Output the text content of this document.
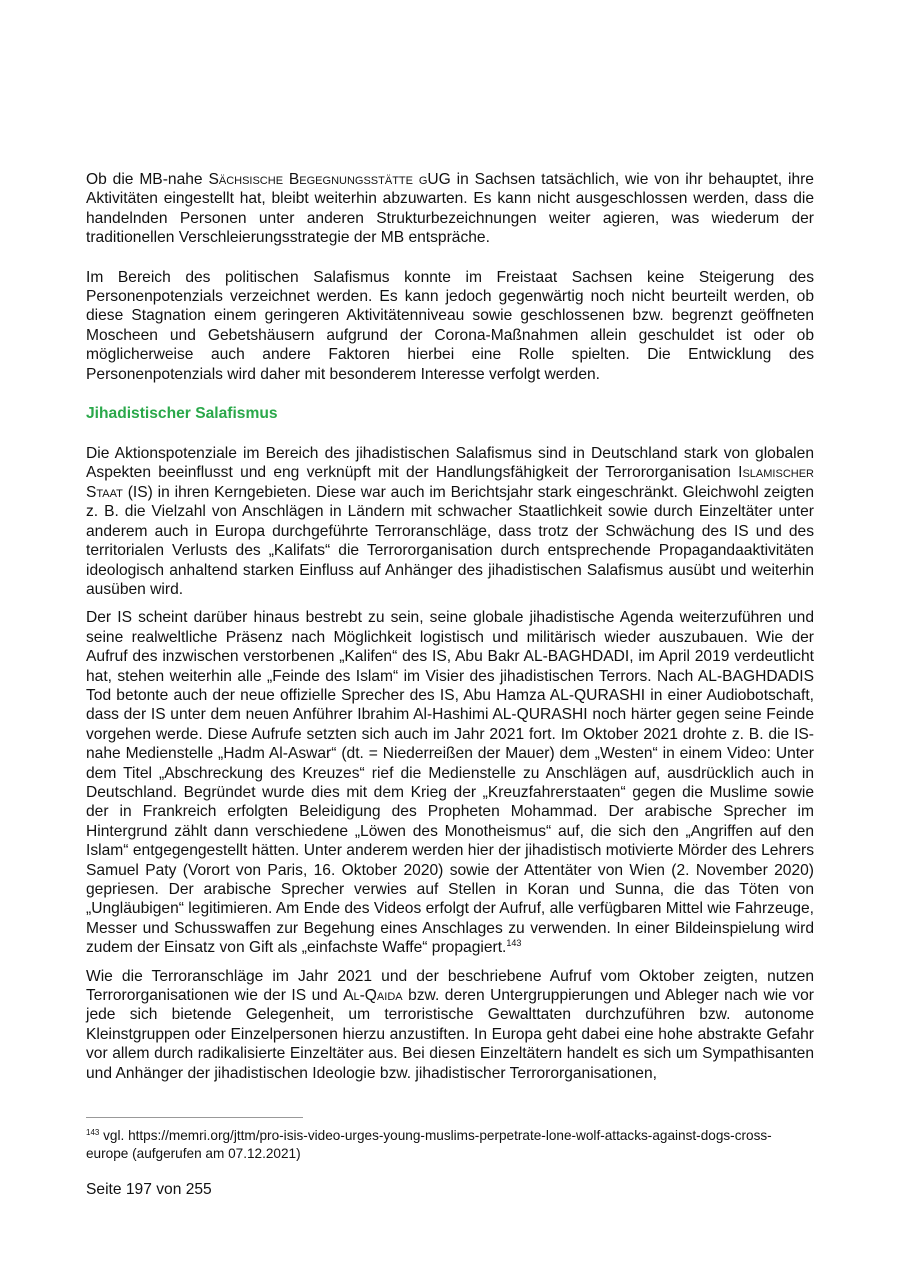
Ob die MB-nahe Sächsische Begegnungsstätte gUG in Sachsen tatsächlich, wie von ihr behauptet, ihre Aktivitäten eingestellt hat, bleibt weiterhin abzuwarten. Es kann nicht ausgeschlossen werden, dass die handelnden Personen unter anderen Strukturbezeichnungen weiter agieren, was wiederum der traditionellen Verschleierungsstrategie der MB entspräche.

Im Bereich des politischen Salafismus konnte im Freistaat Sachsen keine Steigerung des Personenpotenzials verzeichnet werden. Es kann jedoch gegenwärtig noch nicht beurteilt werden, ob diese Stagnation einem geringeren Aktivitätenniveau sowie geschlossenen bzw. begrenzt geöffneten Moscheen und Gebetshäusern aufgrund der Corona-Maßnahmen allein geschuldet ist oder ob möglicherweise auch andere Faktoren hierbei eine Rolle spielten. Die Entwicklung des Personenpotenzials wird daher mit besonderem Interesse verfolgt werden.

Jihadistischer Salafismus

Die Aktionspotenziale im Bereich des jihadistischen Salafismus sind in Deutschland stark von globalen Aspekten beeinflusst und eng verknüpft mit der Handlungsfähigkeit der Terrororganisation Islamischer Staat (IS) in ihren Kerngebieten. Diese war auch im Berichtsjahr stark eingeschränkt. Gleichwohl zeigten z. B. die Vielzahl von Anschlägen in Ländern mit schwacher Staatlichkeit sowie durch Einzeltäter unter anderem auch in Europa durchgeführte Terroranschläge, dass trotz der Schwächung des IS und des territorialen Verlusts des „Kalifats“ die Terrororganisation durch entsprechende Propagandaaktivitäten ideologisch anhaltend starken Einfluss auf Anhänger des jihadistischen Salafismus ausübt und weiterhin ausüben wird.

Der IS scheint darüber hinaus bestrebt zu sein, seine globale jihadistische Agenda weiterzuführen und seine realweltliche Präsenz nach Möglichkeit logistisch und militärisch wieder auszubauen. Wie der Aufruf des inzwischen verstorbenen „Kalifen“ des IS, Abu Bakr AL-BAGHDADI, im April 2019 verdeutlicht hat, stehen weiterhin alle „Feinde des Islam“ im Visier des jihadistischen Terrors. Nach AL-BAGHDADIS Tod betonte auch der neue offizielle Sprecher des IS, Abu Hamza AL-QURASHI in einer Audiobotschaft, dass der IS unter dem neuen Anführer Ibrahim Al-Hashimi AL-QURASHI noch härter gegen seine Feinde vorgehen werde. Diese Aufrufe setzten sich auch im Jahr 2021 fort. Im Oktober 2021 drohte z. B. die IS-nahe Medienstelle „Hadm Al-Aswar“ (dt. = Niederreißen der Mauer) dem „Westen“ in einem Video: Unter dem Titel „Abschreckung des Kreuzes“ rief die Medienstelle zu Anschlägen auf, ausdrücklich auch in Deutschland. Begründet wurde dies mit dem Krieg der „Kreuzfahrerstaaten“ gegen die Muslime sowie der in Frankreich erfolgten Beleidigung des Propheten Mohammad. Der arabische Sprecher im Hintergrund zählt dann verschiedene „Löwen des Monotheismus“ auf, die sich den „Angriffen auf den Islam“ entgegengestellt hätten. Unter anderem werden hier der jihadistisch motivierte Mörder des Lehrers Samuel Paty (Vorort von Paris, 16. Oktober 2020) sowie der Attentäter von Wien (2. November 2020) gepriesen. Der arabische Sprecher verwies auf Stellen in Koran und Sunna, die das Töten von „Ungläubigen“ legitimieren. Am Ende des Videos erfolgt der Aufruf, alle verfügbaren Mittel wie Fahrzeuge, Messer und Schusswaffen zur Begehung eines Anschlages zu verwenden. In einer Bildeinspielung wird zudem der Einsatz von Gift als „einfachste Waffe“ propagiert.$^{143}$

Wie die Terroranschläge im Jahr 2021 und der beschriebene Aufruf vom Oktober zeigten, nutzen Terrororganisationen wie der IS und Al-Qaida bzw. deren Untergruppierungen und Ableger nach wie vor jede sich bietende Gelegenheit, um terroristische Gewalttaten durchzuführen bzw. autonome Kleinstgruppen oder Einzelpersonen hierzu anzustiften. In Europa geht dabei eine hohe abstrakte Gefahr vor allem durch radikalisierte Einzeltäter aus. Bei diesen Einzeltätern handelt es sich um Sympathisanten und Anhänger der jihadistischen Ideologie bzw. jihadistischer Terrororganisationen,

$^{143}$ vgl. https://memri.org/jttm/pro-isis-video-urges-young-muslims-perpetrate-lone-wolf-attacks-against-dogs-cross-europe (aufgerufen am 07.12.2021)
Seite 197 von 255
